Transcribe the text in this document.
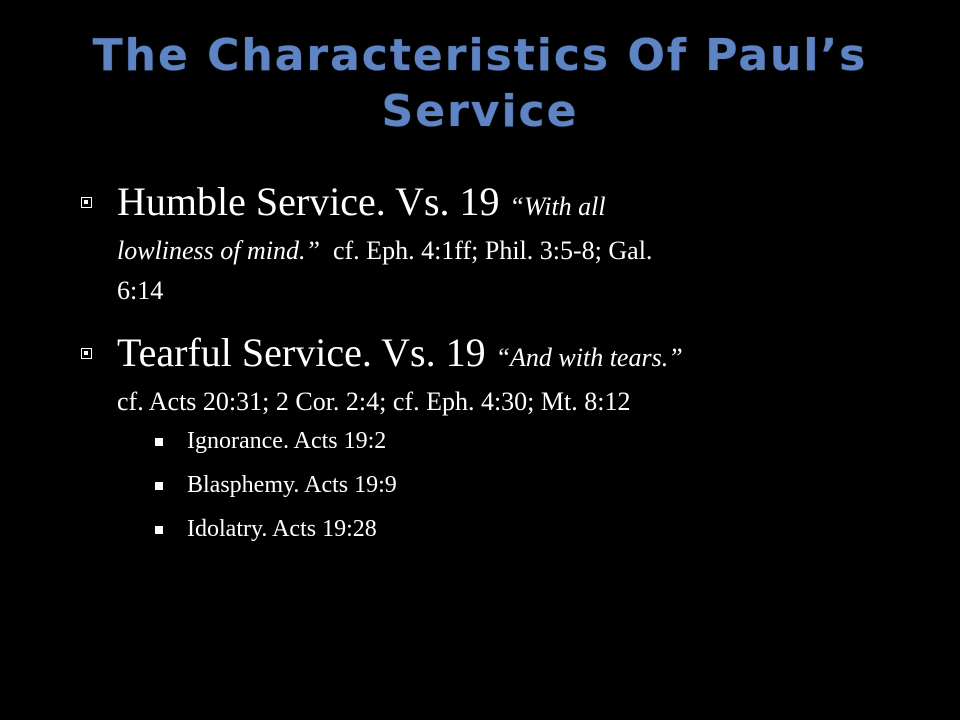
The Characteristics Of Paul’s
Service
Humble Service. Vs. 19 “With all
lowliness of mind.” cf. Eph. 4:1ff; Phil. 3:5-8; Gal.
6:14
Tearful Service. Vs. 19 “And with tears.”
cf. Acts 20:31; 2 Cor. 2:4; cf. Eph. 4:30; Mt. 8:12
Ignorance. Acts 19:2
Blasphemy. Acts 19:9
Idolatry. Acts 19:28
